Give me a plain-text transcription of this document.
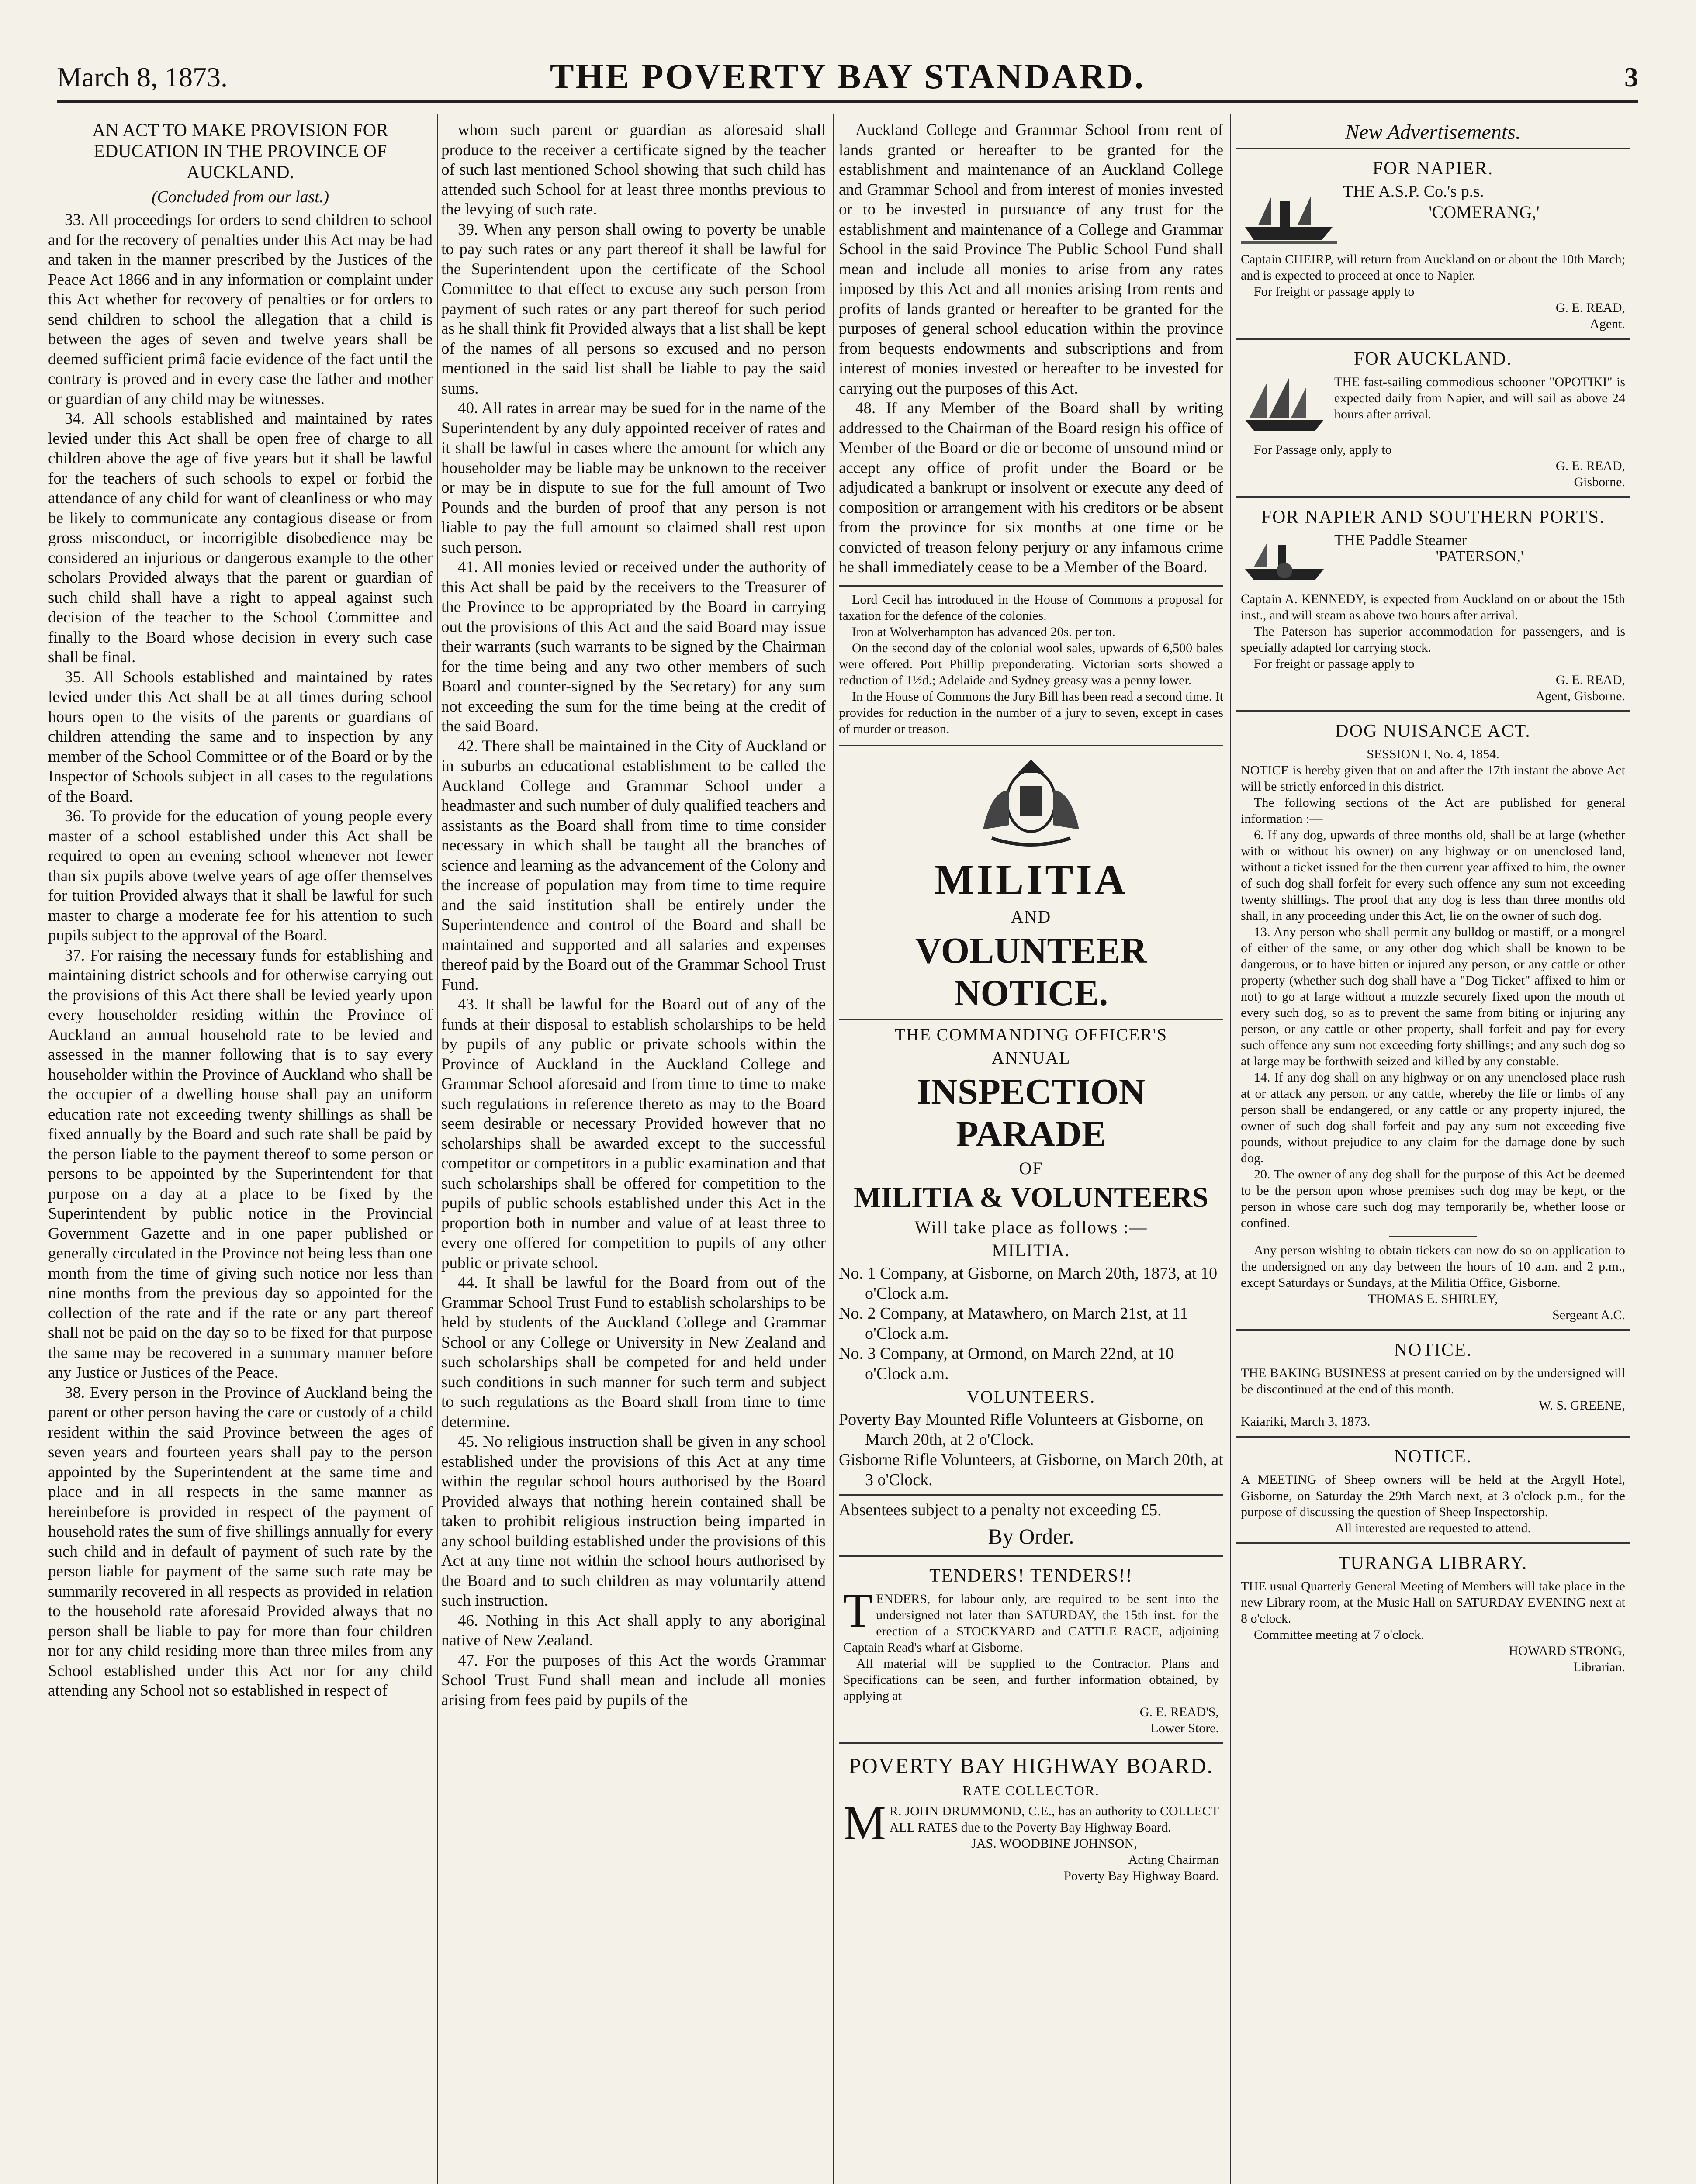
March 8, 1873.	THE POVERTY BAY STANDARD.	3

AN ACT TO MAKE PROVISION FOR EDUCATION IN THE PROVINCE OF AUCKLAND.

(Concluded from our last.)

33. All proceedings for orders to send children to school and for the recovery of penalties under this Act may be had and taken in the manner prescribed by the Justices of the Peace Act 1866 and in any information or complaint under this Act whether for recovery of penalties or for orders to send children to school the allegation that a child is between the ages of seven and twelve years shall be deemed sufficient primâ facie evidence of the fact until the contrary is proved and in every case the father and mother or guardian of any child may be witnesses.

34. All schools established and maintained by rates levied under this Act shall be open free of charge to all children above the age of five years but it shall be lawful for the teachers of such schools to expel or forbid the attendance of any child for want of cleanliness or who may be likely to communicate any contagious disease or from gross misconduct, or incorrigible disobedience may be considered an injurious or dangerous example to the other scholars Provided always that the parent or guardian of such child shall have a right to appeal against such decision of the teacher to the School Committee and finally to the Board whose decision in every such case shall be final.

35. All Schools established and maintained by rates levied under this Act shall be at all times during school hours open to the visits of the parents or guardians of children attending the same and to inspection by any member of the School Committee or of the Board or by the Inspector of Schools subject in all cases to the regulations of the Board.

36. To provide for the education of young people every master of a school established under this Act shall be required to open an evening school whenever not fewer than six pupils above twelve years of age offer themselves for tuition Provided always that it shall be lawful for such master to charge a moderate fee for his attention to such pupils subject to the approval of the Board.

37. For raising the necessary funds for establishing and maintaining district schools and for otherwise carrying out the provisions of this Act there shall be levied yearly upon every householder residing within the Province of Auckland an annual household rate to be levied and assessed in the manner following that is to say every householder within the Province of Auckland who shall be the occupier of a dwelling house shall pay an uniform education rate not exceeding twenty shillings as shall be fixed annually by the Board and such rate shall be paid by the person liable to the payment thereof to some person or persons to be appointed by the Superintendent for that purpose on a day at a place to be fixed by the Superintendent by public notice in the Provincial Government Gazette and in one paper published or generally circulated in the Province not being less than one month from the time of giving such notice nor less than nine months from the previous day so appointed for the collection of the rate and if the rate or any part thereof shall not be paid on the day so to be fixed for that purpose the same may be recovered in a summary manner before any Justice or Justices of the Peace.

38. Every person in the Province of Auckland being the parent or other person having the care or custody of a child resident within the said Province between the ages of seven years and fourteen years shall pay to the person appointed by the Superintendent at the same time and place and in all respects in the same manner as hereinbefore is provided in respect of the payment of household rates the sum of five shillings annually for every such child and in default of payment of such rate by the person liable for payment of the same such rate may be summarily recovered in all respects as provided in relation to the household rate aforesaid Provided always that no person shall be liable to pay for more than four children nor for any child residing more than three miles from any School established under this Act nor for any child attending any School not so established in respect of

whom such parent or guardian as aforesaid shall produce to the receiver a certificate signed by the teacher of such last mentioned School showing that such child has attended such School for at least three months previous to the levying of such rate.

39. When any person shall owing to poverty be unable to pay such rates or any part thereof it shall be lawful for the Superintendent upon the certificate of the School Committee to that effect to excuse any such person from payment of such rates or any part thereof for such period as he shall think fit Provided always that a list shall be kept of the names of all persons so excused and no person mentioned in the said list shall be liable to pay the said sums.

40. All rates in arrear may be sued for in the name of the Superintendent by any duly appointed receiver of rates and it shall be lawful in cases where the amount for which any householder may be liable may be unknown to the receiver or may be in dispute to sue for the full amount of Two Pounds and the burden of proof that any person is not liable to pay the full amount so claimed shall rest upon such person.

41. All monies levied or received under the authority of this Act shall be paid by the receivers to the Treasurer of the Province to be appropriated by the Board in carrying out the provisions of this Act and the said Board may issue their warrants (such warrants to be signed by the Chairman for the time being and any two other members of such Board and counter-signed by the Secretary) for any sum not exceeding the sum for the time being at the credit of the said Board.

42. There shall be maintained in the City of Auckland or in suburbs an educational establishment to be called the Auckland College and Grammar School under a headmaster and such number of duly qualified teachers and assistants as the Board shall from time to time consider necessary in which shall be taught all the branches of science and learning as the advancement of the Colony and the increase of population may from time to time require and the said institution shall be entirely under the Superintendence and control of the Board and shall be maintained and supported and all salaries and expenses thereof paid by the Board out of the Grammar School Trust Fund.

43. It shall be lawful for the Board out of any of the funds at their disposal to establish scholarships to be held by pupils of any public or private schools within the Province of Auckland in the Auckland College and Grammar School aforesaid and from time to time to make such regulations in reference thereto as may to the Board seem desirable or necessary Provided however that no scholarships shall be awarded except to the successful competitor or competitors in a public examination and that such scholarships shall be offered for competition to the pupils of public schools established under this Act in the proportion both in number and value of at least three to every one offered for competition to pupils of any other public or private school.

44. It shall be lawful for the Board from out of the Grammar School Trust Fund to establish scholarships to be held by students of the Auckland College and Grammar School or any College or University in New Zealand and such scholarships shall be competed for and held under such conditions in such manner for such term and subject to such regulations as the Board shall from time to time determine.

45. No religious instruction shall be given in any school established under the provisions of this Act at any time within the regular school hours authorised by the Board Provided always that nothing herein contained shall be taken to prohibit religious instruction being imparted in any school building established under the provisions of this Act at any time not within the school hours authorised by the Board and to such children as may voluntarily attend such instruction.

46. Nothing in this Act shall apply to any aboriginal native of New Zealand.

47. For the purposes of this Act the words Grammar School Trust Fund shall mean and include all monies arising from fees paid by pupils of the

Auckland College and Grammar School from rent of lands granted or hereafter to be granted for the establishment and maintenance of an Auckland College and Grammar School and from interest of monies invested or to be invested in pursuance of any trust for the establishment and maintenance of a College and Grammar School in the said Province The Public School Fund shall mean and include all monies to arise from any rates imposed by this Act and all monies arising from rents and profits of lands granted or hereafter to be granted for the purposes of general school education within the province from bequests endowments and subscriptions and from interest of monies invested or hereafter to be invested for carrying out the purposes of this Act.

48. If any Member of the Board shall by writing addressed to the Chairman of the Board resign his office of Member of the Board or die or become of unsound mind or accept any office of profit under the Board or be adjudicated a bankrupt or insolvent or execute any deed of composition or arrangement with his creditors or be absent from the province for six months at one time or be convicted of treason felony perjury or any infamous crime he shall immediately cease to be a Member of the Board.

Lord Cecil has introduced in the House of Commons a proposal for taxation for the defence of the colonies.

Iron at Wolverhampton has advanced 20s. per ton.

On the second day of the colonial wool sales, upwards of 6,500 bales were offered. Port Phillip preponderating. Victorian sorts showed a reduction of 1½d.; Adelaide and Sydney greasy was a penny lower.

In the House of Commons the Jury Bill has been read a second time. It provides for reduction in the number of a jury to seven, except in cases of murder or treason.

MILITIA
AND
VOLUNTEER NOTICE.
THE COMMANDING OFFICER'S
ANNUAL
INSPECTION PARADE
OF
MILITIA & VOLUNTEERS
Will take place as follows :—
MILITIA.

No. 1 Company, at Gisborne, on March 20th, 1873, at 10 o'Clock a.m.

No. 2 Company, at Matawhero, on March 21st, at 11 o'Clock a.m.

No. 3 Company, at Ormond, on March 22nd, at 10 o'Clock a.m.

VOLUNTEERS.

Poverty Bay Mounted Rifle Volunteers at Gisborne, on March 20th, at 2 o'Clock.

Gisborne Rifle Volunteers, at Gisborne, on March 20th, at 3 o'Clock.

Absentees subject to a penalty not exceeding £5.

By Order.
TENDERS! TENDERS!!

TENDERS, for labour only, are required to be sent into the undersigned not later than SATURDAY, the 15th inst. for the erection of a STOCKYARD and CATTLE RACE, adjoining Captain Read's wharf at Gisborne.

All material will be supplied to the Contractor. Plans and Specifications can be seen, and further information obtained, by applying at

G. E. READ'S,

Lower Store.

POVERTY BAY HIGHWAY BOARD.
RATE COLLECTOR.

M R. JOHN DRUMMOND, C.E., has an authority to COLLECT ALL RATES due to the Poverty Bay Highway Board.

JAS. WOODBINE JOHNSON,

Acting Chairman

Poverty Bay Highway Board.

New Advertisements.
FOR NAPIER.

THE A.S.P. Co.'s p.s.

'COMERANG,'

Captain CHEIRP, will return from Auckland on or about the 10th March; and is expected to proceed at once to Napier.

For freight or passage apply to

G. E. READ,

Agent.

FOR AUCKLAND.

THE fast-sailing commodious schooner "OPOTIKI" is expected daily from Napier, and will sail as above 24 hours after arrival.

For Passage only, apply to

G. E. READ,

Gisborne.

FOR NAPIER AND SOUTHERN PORTS.

THE Paddle Steamer

'PATERSON,'

Captain A. KENNEDY, is expected from Auckland on or about the 15th inst., and will steam as above two hours after arrival.

The Paterson has superior accommodation for passengers, and is specially adapted for carrying stock.

For freight or passage apply to

G. E. READ,

Agent, Gisborne.

DOG NUISANCE ACT.

SESSION I, No. 4, 1854.

NOTICE is hereby given that on and after the 17th instant the above Act will be strictly enforced in this district.

The following sections of the Act are published for general information :—

6. If any dog, upwards of three months old, shall be at large (whether with or without his owner) on any highway or on unenclosed land, without a ticket issued for the then current year affixed to him, the owner of such dog shall forfeit for every such offence any sum not exceeding twenty shillings. The proof that any dog is less than three months old shall, in any proceeding under this Act, lie on the owner of such dog.

13. Any person who shall permit any bulldog or mastiff, or a mongrel of either of the same, or any other dog which shall be known to be dangerous, or to have bitten or injured any person, or any cattle or other property (whether such dog shall have a "Dog Ticket" affixed to him or not) to go at large without a muzzle securely fixed upon the mouth of every such dog, so as to prevent the same from biting or injuring any person, or any cattle or other property, shall forfeit and pay for every such offence any sum not exceeding forty shillings; and any such dog so at large may be forthwith seized and killed by any constable.

14. If any dog shall on any highway or on any unenclosed place rush at or attack any person, or any cattle, whereby the life or limbs of any person shall be endangered, or any cattle or any property injured, the owner of such dog shall forfeit and pay any sum not exceeding five pounds, without prejudice to any claim for the damage done by such dog.

20. The owner of any dog shall for the purpose of this Act be deemed to be the person upon whose premises such dog may be kept, or the person in whose care such dog may temporarily be, whether loose or confined.

Any person wishing to obtain tickets can now do so on application to the undersigned on any day between the hours of 10 a.m. and 2 p.m., except Saturdays or Sundays, at the Militia Office, Gisborne.

THOMAS E. SHIRLEY,

Sergeant A.C.

NOTICE.

THE BAKING BUSINESS at present carried on by the undersigned will be discontinued at the end of this month.

W. S. GREENE,

Kaiariki, March 3, 1873.

NOTICE.

A MEETING of Sheep owners will be held at the Argyll Hotel, Gisborne, on Saturday the 29th March next, at 3 o'clock p.m., for the purpose of discussing the question of Sheep Inspectorship.

All interested are requested to attend.

TURANGA LIBRARY.

THE usual Quarterly General Meeting of Members will take place in the new Library room, at the Music Hall on SATURDAY EVENING next at 8 o'clock.

Committee meeting at 7 o'clock.

HOWARD STRONG,

Librarian.
